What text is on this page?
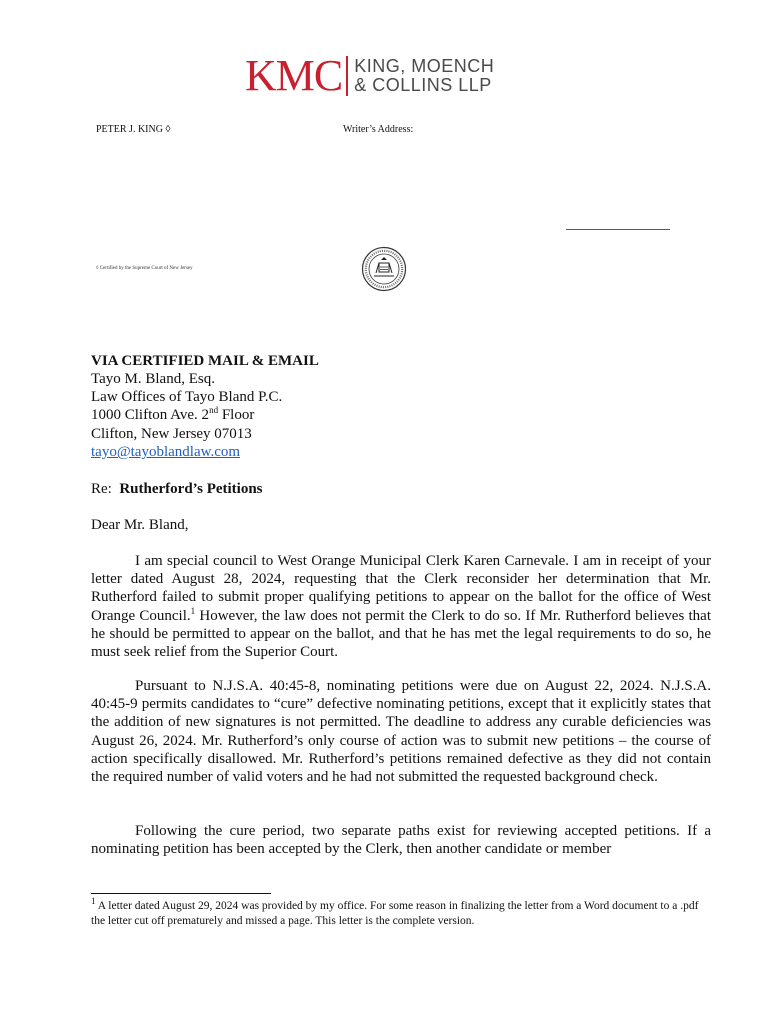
KMC KING, MOENCH
& COLLINS LLP
PETER J. KING ◊	Writer’s Address:
◊ Certified by the Supreme Court of New Jersey
VIA CERTIFIED MAIL & EMAIL
Tayo M. Bland, Esq.
Law Offices of Tayo Bland P.C.
1000 Clifton Ave. 2nd Floor
Clifton, New Jersey 07013
tayo@tayoblandlaw.com
Re: Rutherford’s Petitions
Dear Mr. Bland,
I am special council to West Orange Municipal Clerk Karen Carnevale. I am in receipt of your letter dated August 28, 2024, requesting that the Clerk reconsider her determination that Mr. Rutherford failed to submit proper qualifying petitions to appear on the ballot for the office of West Orange Council.$^1$ However, the law does not permit the Clerk to do so. If Mr. Rutherford believes that he should be permitted to appear on the ballot, and that he has met the legal requirements to do so, he must seek relief from the Superior Court.
Pursuant to N.J.S.A. 40:45-8, nominating petitions were due on August 22, 2024. N.J.S.A. 40:45-9 permits candidates to “cure” defective nominating petitions, except that it explicitly states that the addition of new signatures is not permitted. The deadline to address any curable deficiencies was August 26, 2024. Mr. Rutherford’s only course of action was to submit new petitions – the course of action specifically disallowed. Mr. Rutherford’s petitions remained defective as they did not contain the required number of valid voters and he had not submitted the requested background check.
Following the cure period, two separate paths exist for reviewing accepted petitions. If a nominating petition has been accepted by the Clerk, then another candidate or member
$^1$ A letter dated August 29, 2024 was provided by my office. For some reason in finalizing the letter from a Word document to a .pdf the letter cut off prematurely and missed a page. This letter is the complete version.
